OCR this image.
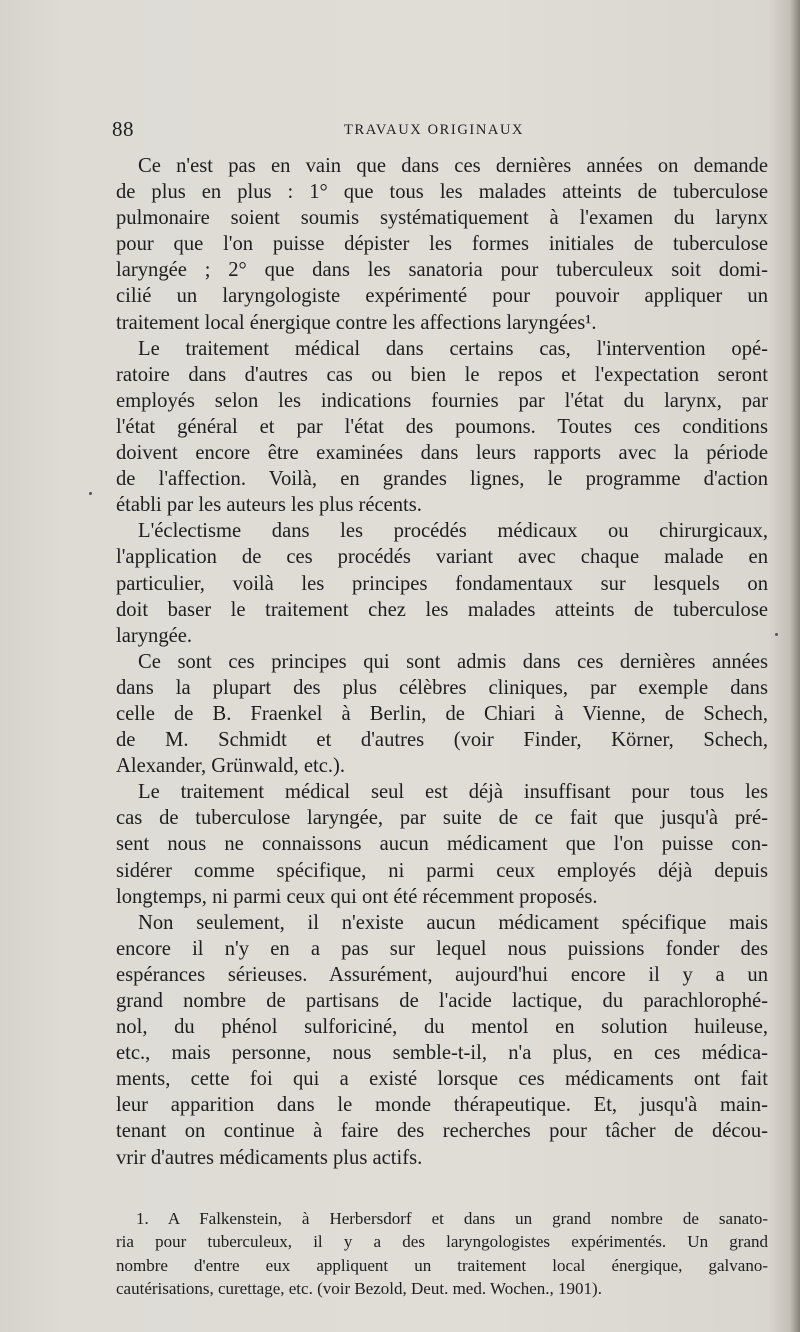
88	TRAVAUX ORIGINAUX
Ce n'est pas en vain que dans ces dernières années on demande
de plus en plus : 1° que tous les malades atteints de tuberculose
pulmonaire soient soumis systématiquement à l'examen du larynx
pour que l'on puisse dépister les formes initiales de tuberculose
laryngée ; 2° que dans les sanatoria pour tuberculeux soit domi-
cilié un laryngologiste expérimenté pour pouvoir appliquer un
traitement local énergique contre les affections laryngées¹.
Le traitement médical dans certains cas, l'intervention opé-
ratoire dans d'autres cas ou bien le repos et l'expectation seront
employés selon les indications fournies par l'état du larynx, par
l'état général et par l'état des poumons. Toutes ces conditions
doivent encore être examinées dans leurs rapports avec la période
de l'affection. Voilà, en grandes lignes, le programme d'action
établi par les auteurs les plus récents.
L'éclectisme dans les procédés médicaux ou chirurgicaux,
l'application de ces procédés variant avec chaque malade en
particulier, voilà les principes fondamentaux sur lesquels on
doit baser le traitement chez les malades atteints de tuberculose
laryngée.
Ce sont ces principes qui sont admis dans ces dernières années
dans la plupart des plus célèbres cliniques, par exemple dans
celle de B. Fraenkel à Berlin, de Chiari à Vienne, de Schech,
de M. Schmidt et d'autres (voir Finder, Körner, Schech,
Alexander, Grünwald, etc.).
Le traitement médical seul est déjà insuffisant pour tous les
cas de tuberculose laryngée, par suite de ce fait que jusqu'à pré-
sent nous ne connaissons aucun médicament que l'on puisse con-
sidérer comme spécifique, ni parmi ceux employés déjà depuis
longtemps, ni parmi ceux qui ont été récemment proposés.
Non seulement, il n'existe aucun médicament spécifique mais
encore il n'y en a pas sur lequel nous puissions fonder des
espérances sérieuses. Assurément, aujourd'hui encore il y a un
grand nombre de partisans de l'acide lactique, du parachlorophé-
nol, du phénol sulforiciné, du mentol en solution huileuse,
etc., mais personne, nous semble-t-il, n'a plus, en ces médica-
ments, cette foi qui a existé lorsque ces médicaments ont fait
leur apparition dans le monde thérapeutique. Et, jusqu'à main-
tenant on continue à faire des recherches pour tâcher de décou-
vrir d'autres médicaments plus actifs.
1. A Falkenstein, à Herbersdorf et dans un grand nombre de sanato-
ria pour tuberculeux, il y a des laryngologistes expérimentés. Un grand
nombre d'entre eux appliquent un traitement local énergique, galvano-
cautérisations, curettage, etc. (voir Bezold, Deut. med. Wochen., 1901).
